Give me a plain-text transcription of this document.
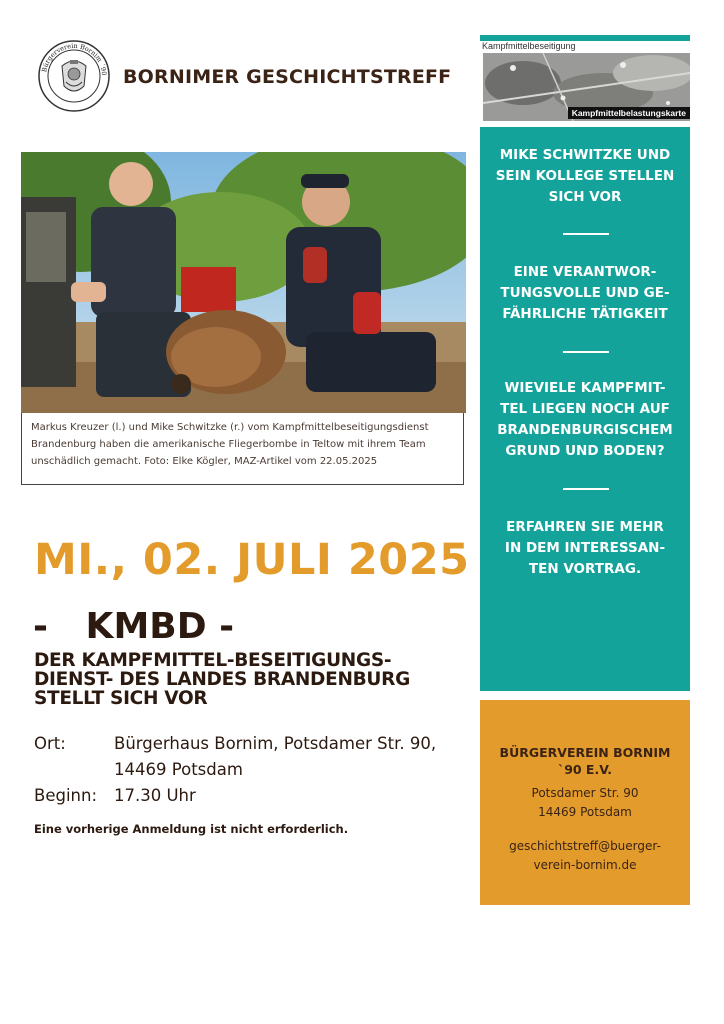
Bürgerverein Bornim ´90 BORNIMER GESCHICHTSTREFF
Markus Kreuzer (l.) und Mike Schwitzke (r.) vom Kampfmittelbeseitigungsdienst Brandenburg haben die amerikanische Fliegerbombe in Teltow mit ihrem Team unschädlich gemacht. Foto: Elke Kögler, MAZ-Artikel vom 22.05.2025
MI., 02. JULI 2025
-   KMBD -
DER KAMPFMITTEL-BESEITIGUNGS-
DIENST- DES LANDES BRANDENBURG
STELLT SICH VOR
Ort:	Bürgerhaus Bornim, Potsdamer Str. 90,
14469 Potsdam
Beginn: 17.30 Uhr
Eine vorherige Anmeldung ist nicht erforderlich.
Kampfmittelbeseitigung
Kampfmittelbelastungskarte
MIKE SCHWITZKE UND
SEIN KOLLEGE STELLEN
SICH VOR
EINE VERANTWOR-
TUNGSVOLLE UND GE-
FÄHRLICHE TÄTIGKEIT
WIEVIELE KAMPFMIT-
TEL LIEGEN NOCH AUF
BRANDENBURGISCHEM
GRUND UND BODEN?
ERFAHREN SIE MEHR
IN DEM INTERESSAN-
TEN VORTRAG.
BÜRGERVEREIN BORNIM
`90 E.V.
Potsdamer Str. 90
14469 Potsdam
geschichtstreff@buerger-
verein-bornim.de
